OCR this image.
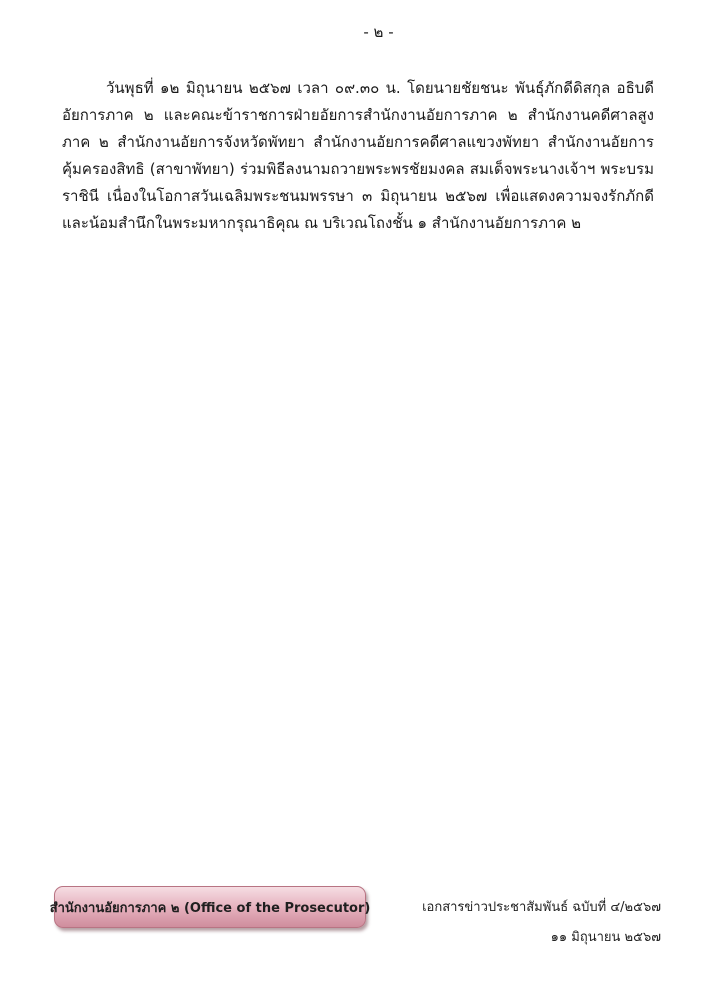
- ๒ -

วันพุธที่ ๑๒ มิถุนายน ๒๕๖๗ เวลา ๐๙.๓๐ น. โดยนายชัยชนะ พันธุ์ภักดีดิสกุล อธิบดีอัยการภาค ๒ และคณะข้าราชการฝ่ายอัยการสำนักงานอัยการภาค ๒ สำนักงานคดีศาลสูงภาค ๒ สำนักงานอัยการจังหวัดพัทยา สำนักงานอัยการคดีศาลแขวงพัทยา สำนักงานอัยการคุ้มครองสิทธิ (สาขาพัทยา) ร่วมพิธีลงนามถวายพระพรชัยมงคล สมเด็จพระนางเจ้าฯ พระบรมราชินี เนื่องในโอกาสวันเฉลิมพระชนมพรรษา ๓ มิถุนายน ๒๕๖๗ เพื่อแสดงความจงรักภักดี และน้อมสำนึกในพระมหากรุณาธิคุณ ณ บริเวณโถงชั้น ๑ สำนักงานอัยการภาค ๒

สำนักงานอัยการภาค ๒ (Office of the Prosecutor)	เอกสารข่าวประชาสัมพันธ์ ฉบับที่ ๔/๒๕๖๗
๑๑ มิถุนายน ๒๕๖๗
